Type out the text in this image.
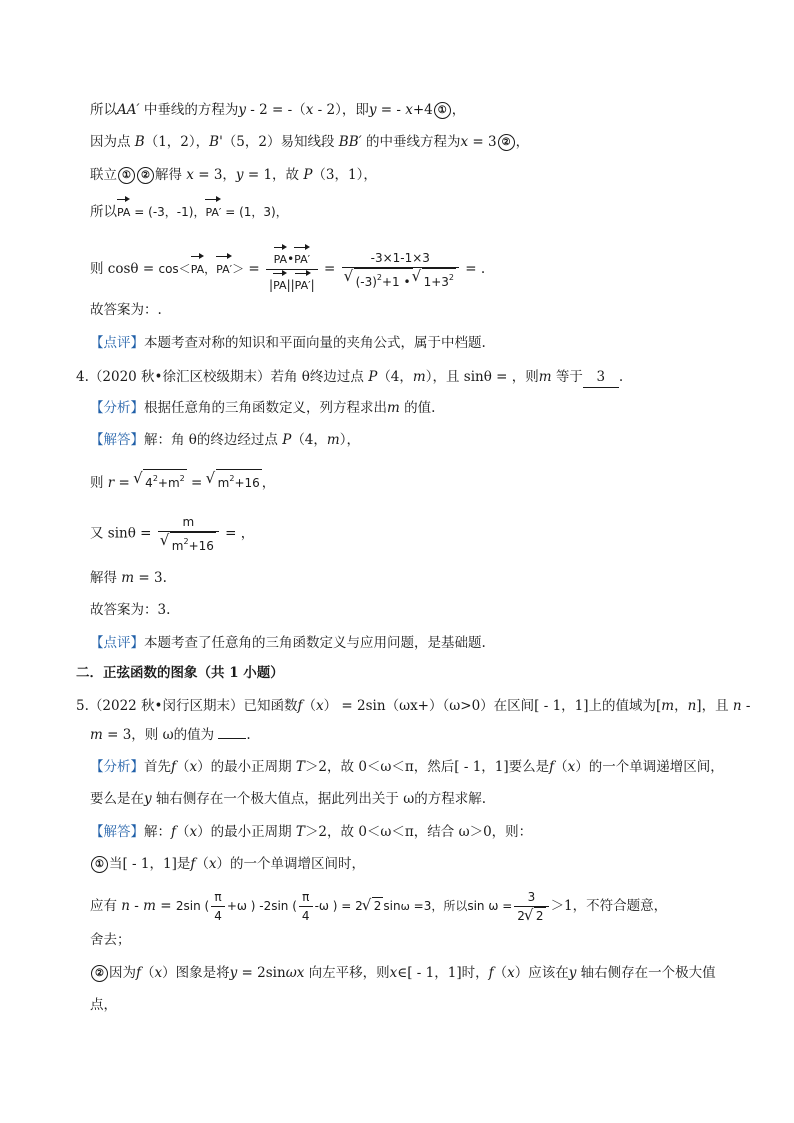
所以AA′ 中垂线的方程为y - 2 = -（x - 2），即y = - x+4 ① ，
因为点 B（1，2），B'（5，2）易知线段 BB′ 的中垂线方程为x = 3 ② ，
联立 ① ② 解得 x = 3，y = 1，故 P（3，1），
所以PA = (-3，-1)，PA′ = (1，3)，
则 cosθ = cos＜PA，$PA'> = \frac{PA•PA'}{|PA||PA'|} = -3\times 1-1\times 3$
√ $(-3)^2+1$ • √ $1+3^2$ = .
故答案为：.
【点评】本题考查对称的知识和平面向量的夹角公式，属于中档题.
4.（2020 秋•徐汇区校级期末）若角 θ终边过点 P（4，m），且 sinθ = ，则m 等于 3 .
【分析】根据任意角的三角函数定义，列方程求出m 的值.
【解答】解：角 θ的终边经过点 P（4，m），
则 r = √ $4^2+m^2$ = √ $m^2+16$ ，
又 sinθ = m
√ $m^2+16$ = ，
解得 m = 3.
故答案为：3.
【点评】本题考查了任意角的三角函数定义与应用问题，是基础题.
二．正弦函数的图象（共 1 小题）
5.（2022 秋•闵行区期末）已知函数f（x） = 2sin（ωx+）（ω>0）在区间[ - 1，1]上的值域为[m，n]，且 n -
m = 3，则 ω的值为 .
【分析】首先f（x）的最小正周期 T＞2，故 0＜ω＜π，然后[ - 1，1]要么是f（x）的一个单调递增区间，
要么是在y 轴右侧存在一个极大值点，据此列出关于 ω的方程求解.
【解答】解：f（x）的最小正周期 T＞2，故 0＜ω＜π，结合 ω＞0，则：
① 当[ - 1，1]是f（x）的一个单调增区间时，
应有 n - m = 2sin ( $\frac{\pi}{4} +\omega$ ) -2sin ( $\frac{\pi}{4} -\omega$ ) = 2 √ 2 sinω =3，所以$\sin \omega = \frac{3}{2 √ 2} >1$，不符合题意，
舍去；
② 因为f（x）图象是将y = 2sinωx 向左平移，则x∈[ - 1，1]时，f（x）应该在y 轴右侧存在一个极大值
点，
